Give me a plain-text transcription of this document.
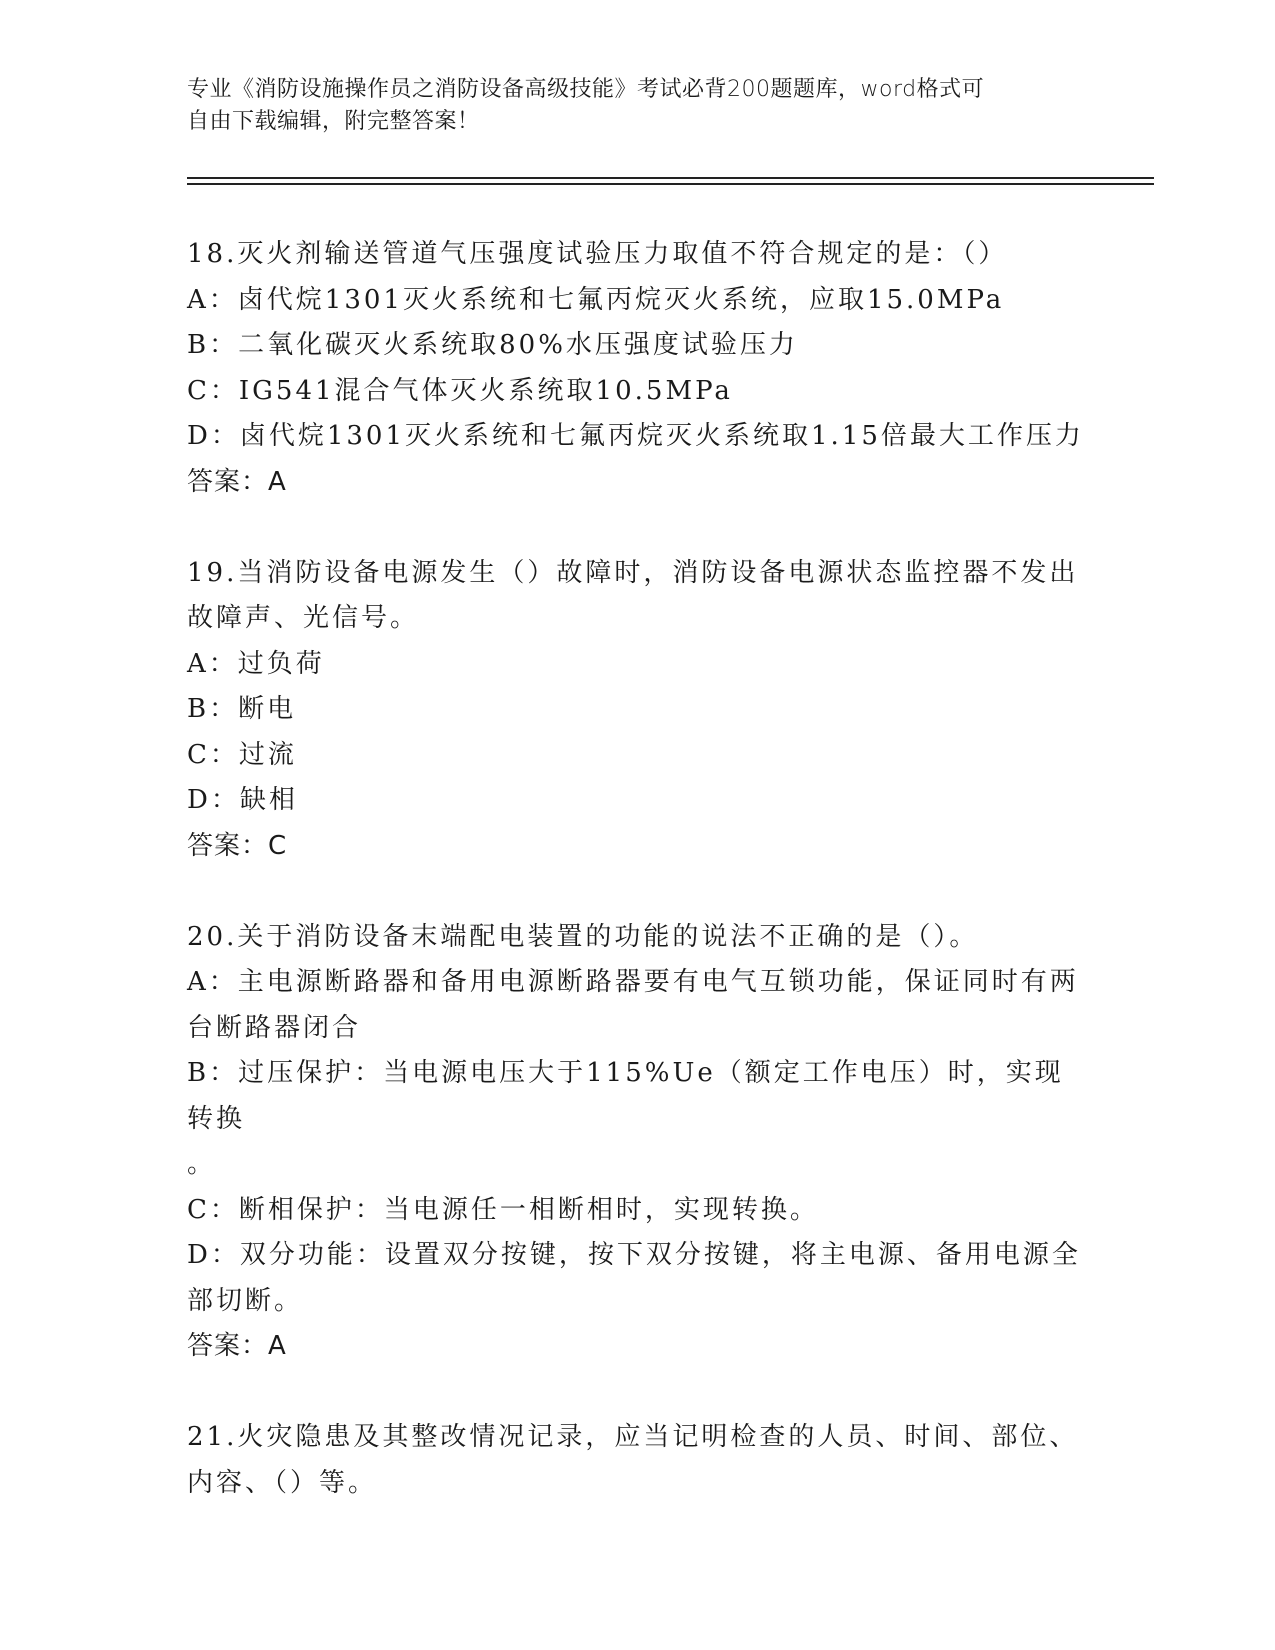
专业《消防设施操作员之消防设备高级技能》考试必背200题题库，word格式可
自由下载编辑，附完整答案！

18.灭火剂输送管道气压强度试验压力取值不符合规定的是：（）

A：卤代烷1301灭火系统和七氟丙烷灭火系统，应取15.0MPa

B：二氧化碳灭火系统取80%水压强度试验压力

C：IG541混合气体灭火系统取10.5MPa

D：卤代烷1301灭火系统和七氟丙烷灭火系统取1.15倍最大工作压力

答案：A

19.当消防设备电源发生（）故障时，消防设备电源状态监控器不发出

故障声、光信号。

A：过负荷

B：断电

C：过流

D：缺相

答案：C

20.关于消防设备末端配电装置的功能的说法不正确的是（）。

A：主电源断路器和备用电源断路器要有电气互锁功能，保证同时有两

台断路器闭合

B：过压保护：当电源电压大于115%Ue（额定工作电压）时，实现转换

。

C：断相保护：当电源任一相断相时，实现转换。

D：双分功能：设置双分按键，按下双分按键，将主电源、备用电源全

部切断。

答案：A

21.火灾隐患及其整改情况记录，应当记明检查的人员、时间、部位、

内容、（）等。
